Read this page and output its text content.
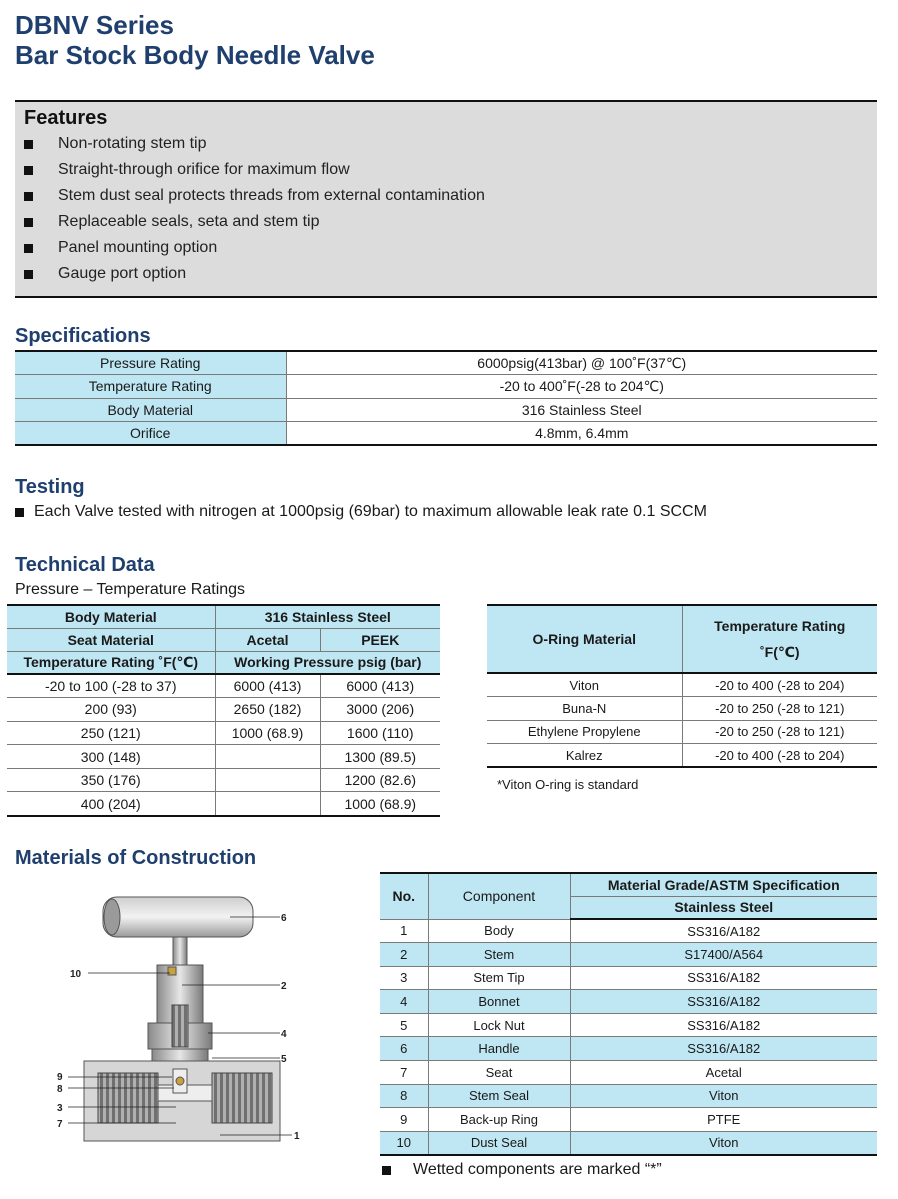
DBNV Series
Bar Stock Body Needle Valve
Features
Non-rotating stem tip
Straight-through orifice for maximum flow
Stem dust seal protects threads from external contamination
Replaceable seals, seta and stem tip
Panel mounting option
Gauge port option
Specifications
Pressure Rating	6000psig(413bar) @ 100˚F(37℃)
Temperature Rating	-20 to 400˚F(-28 to 204℃)
Body Material	316 Stainless Steel
Orifice	4.8mm, 6.4mm
Testing
Each Valve tested with nitrogen at 1000psig (69bar) to maximum allowable leak rate 0.1 SCCM
Technical Data
Pressure – Temperature Ratings
Body Material	316 Stainless Steel	
Seat Material	Acetal	PEEK
Temperature Rating ˚F(℃)	Working Pressure psig (bar)	
-20 to 100 (-28 to 37)	6000 (413)	6000 (413)
200 (93)	2650 (182)	3000 (206)
250 (121)	1000 (68.9)	1600 (110)
300 (148)		1300 (89.5)
350 (176)		1200 (82.6)
400 (204)		1000 (68.9)
O-Ring Material	Temperature Rating
˚F(℃)

Viton	-20 to 400 (-28 to 204)
Buna-N	-20 to 250 (-28 to 121)
Ethylene Propylene	-20 to 250 (-28 to 121)
Kalrez	-20 to 400 (-28 to 204)
*Viton O-ring is standard
Materials of Construction
6
2
4
5
1
10
9
8
3
7
No.	Component	Material Grade/ASTM Specification
		Stainless Steel
1	Body	SS316/A182
2	Stem	S17400/A564
3	Stem Tip	SS316/A182
4	Bonnet	SS316/A182
5	Lock Nut	SS316/A182
6	Handle	SS316/A182
7	Seat	Acetal
8	Stem Seal	Viton
9	Back-up Ring	PTFE
10	Dust Seal	Viton
Wetted components are marked “*”
